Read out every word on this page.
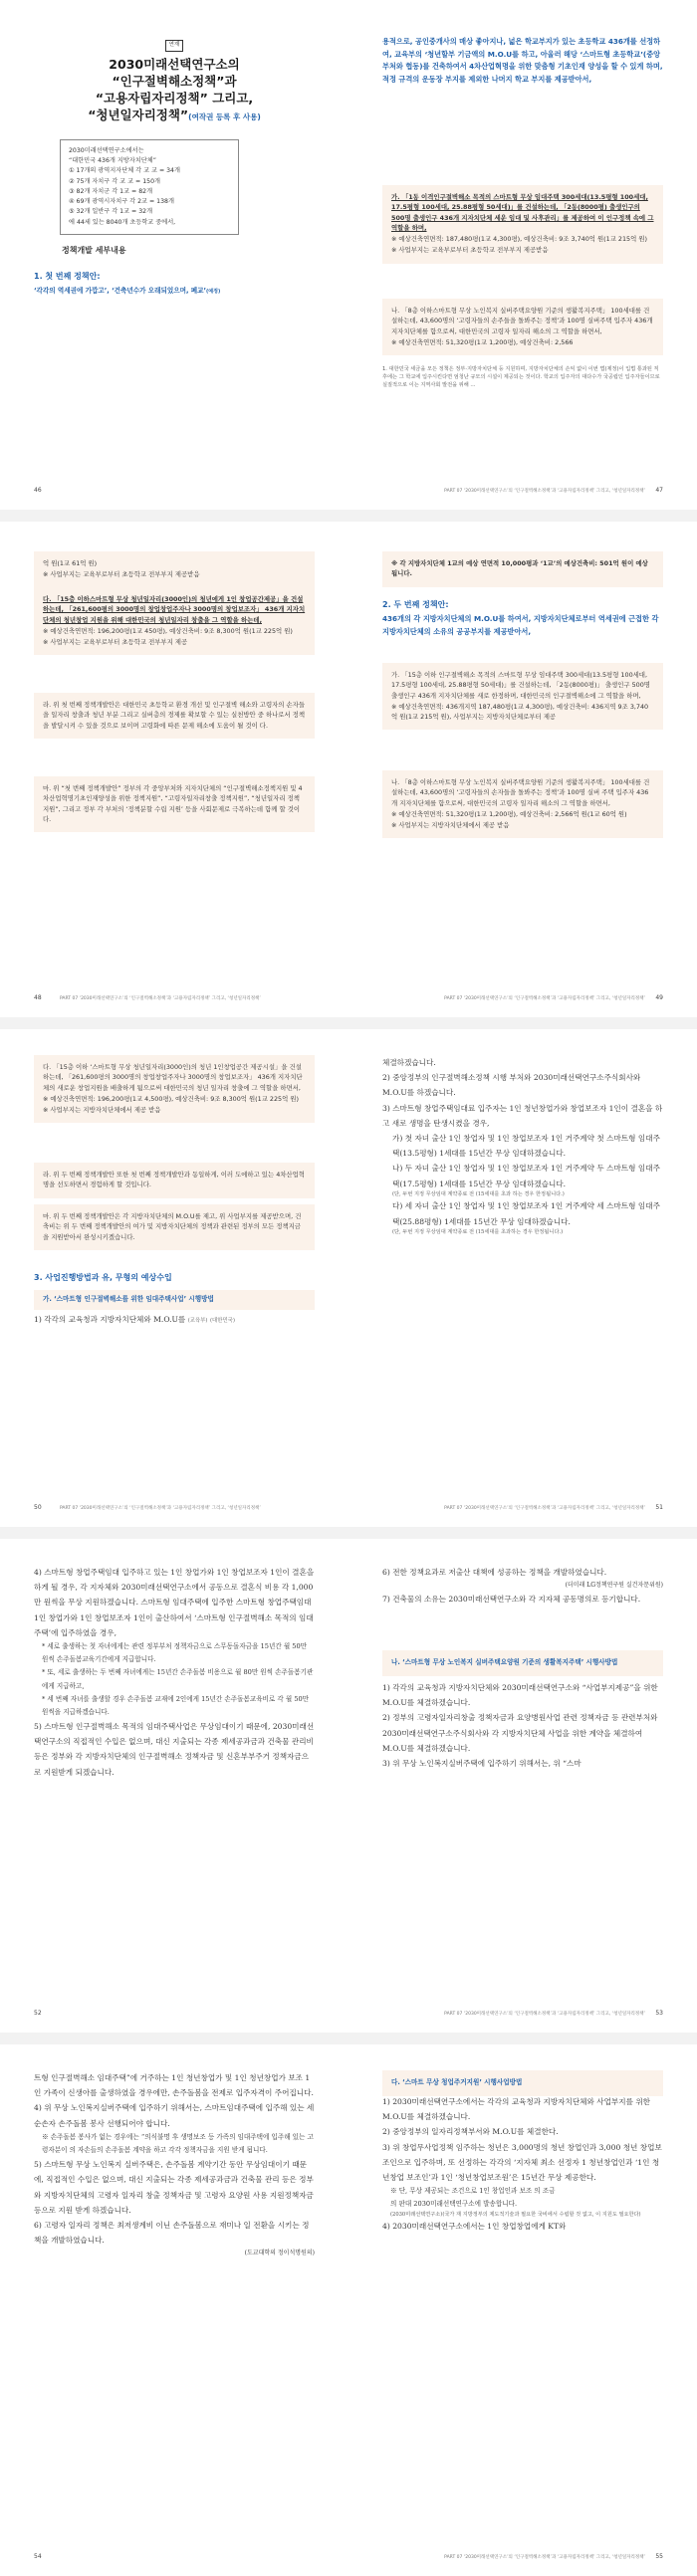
연재
2030미래선택연구소의
“인구절벽해소정책”과
“고용자립자리정책” 그리고,
“청년일자리정책”(여작권 등록 후 사용)
2030미래선택연구소에서는
“대한민국 436개 지방자치단체”
① 17개의 광역지자단체 각 교 교 = 34개
② 75개 자치구 각 교 교 = 150개
③ 82개 자치군 각 1교 = 82개
④ 69개 광역시자치구 각 2교 = 138개
⑤ 32개 일반구 각 1교 = 32개
에 44세 있는 8040개 초등학교 중에서,
정책개발 세부내용
1. 첫 번째 정책안:
‘각각의 역세권에 가깝고’, ‘건축년수가 오래되었으며, 폐교’(예정)
46
용적으로, 공인중개사의 매상 좋아지나, 넓은 학교부지가 있는 초등학교 436개를 선정하여, 교육부의 ‘청년할부 기금액의 M.O.U를 하고, 아울러 해당 ‘스마트형 초등학교’(중앙부처와 협동)를 건축하여서 4차산업혁명을 위한 맞춤형 기초인재 양성을 할 수 있게 하며, 적정 규격의 운동장 부지를 제외한 나머지 학교 부지를 제공받아서,

가. 「1동 이격인구절벽해소 목적의 스마트형 무상 임대주택 300세대(13.5평형 100세대, 17.5평형 100세대, 25.88평형 50세대)」를 건설하는데, 「2동(8000평) 출생인구의 500명 출생인구 436개 지자치단체 세운 임대 및 사후관리」를 제공하여 이 인구정책 속에 그 역할을 하며,

※ 예상건축연면적: 187,480평(1교 4,300평), 예상건축비: 9조 3,740억 원(1교 215억 원)

※ 사업부지는 교육부로부터 초등학교 전부부지 제공받음

나. 「8층 이하스마트형 무상 노인복지 실버주택요양원 기준의 생활복지주택」 100세대를 건설하는데, 43,600명의 ‘고령자들의 손주들을 돌봐주는 정책’과 100명 실버주택 입주자 436개 지자치단체를 함으로써, 대한민국의 고령자 일자리 해소의 그 역할을 하면서,

※ 예상건축연면적: 51,320평(1교 1,200평), 예상건축비: 2,566

1. 대한민국 세금을 모든 정책은 정부·지방자치단체 등 지원하며, 지방자치단체의 손익 없이 이번 법(제정)이 입법 통과된 직후에는 그 학교에 입주시킨다면 엄청난 규모의 시설이 제공되는 것이다. 학교의 입주자의 대다수가 국공립인 입주자들이므로 실질적으로 이는 지역사회 발전을 위해 ...
PART 07 ‘2030미래선택연구소’의 ‘인구절벽해소정책’과 ‘고용자립자리정책’ 그리고, ‘청년일자리정책’ 47

억 원(1교 61억 원)

※ 사업부지는 교육부로부터 초등학교 전부부지 제공받음

다. 「15층 이하스마트형 무상 청년일자리(3000인)의 청년에게 1인 창업공간제공」을 건설하는데, 「261,600평의 3000명의 창업창업주자나 3000명의 창업보조자」 436개 지자치단체의 청년창업 지원을 위해 대한민국의 청년일자리 창출을 그 역할을 하는데,

※ 예상건축연면적: 196,200평(1교 450평), 예상건축비: 9조 8,300억 원(1교 225억 원)

※ 사업부지는 교육부로부터 초등학교 전부부지 제공

라. 위 첫 번째 정책개발안은 대한민국 초등학교 환경 개선 및 인구절벽 해소와 고령자의 손자들을 일자리 창출과 청년 부분 그리고 실버층의 경제를 확보할 수 있는 실천방안 중 하나로서 정책을 발달시켜 수 있을 것으로 보이며 고령화에 따른 문제 해소에 도움이 될 것이 다.

마. 위 “첫 번째 정책개발안” 정부의 각 중앙부처와 지자치단체의 “인구절벽해소정책지원 및 4차산업혁명기초인재양성을 위한 정책지원”, “고령자일자리창출 정책지원”, “청년일자리 정책지원”, 그리고 정부 각 부처의 ‘정책분할 수립 지원’ 등을 사회문제로 극복하는데 함께 할 것이다.

PART 07 ‘2030미래선택연구소’의 ‘인구절벽해소정책’과 ‘고용자립자리정책’ 그리고, ‘청년일자리정책’
48

※ 각 지방자치단체 1교의 예상 연면적 10,000평과 ‘1교’의 예상건축비: 501억 원이 예상됩니다.

2. 두 번째 정책안:
436개의 각 지방자치단체의 M.O.U를 하여서, 지방자치단체로부터 역세권에 근접한 각 지방자치단체의 소유의 공공부지를 제공받아서,

가. 「15층 이하 인구절벽해소 목적의 스마트형 무상 임대주택 300세대(13.5평형 100세대, 17.5평형 100세대, 25.88평형 50세대)」를 건설하는데, 「2동(8000평)」 출생인구 500명 출생인구 436개 지자치단체를 새로 한정하며, 대한민국의 인구절벽해소에 그 역할을 하며,

※ 예상건축연면적: 436개지역 187,480평(1교 4,300평), 예상건축비: 436지역 9조 3,740억 원(1교 215억 원), 사업부지는 지방자치단체로부터 제공

나. 「8층 이하스마트형 무상 노인복지 실버주택요양원 기준의 생활복지주택」 100세대를 건설하는데, 43,600명의 ‘고령자들의 손자들을 돌봐주는 정책’과 100명 실버 주택 입주자 436개 지자치단체를 함으로써, 대한민국의 고령자 일자리 해소의 그 역할을 하면서,

※ 예상건축연면적: 51,320평(1교 1,200평), 예상건축비: 2,566억 원(1교 60억 원)

※ 사업부지는 지방자치단체에서 제공 받음

PART 07 ‘2030미래선택연구소’의 ‘인구절벽해소정책’과 ‘고용자립자리정책’ 그리고, ‘청년일자리정책’ 49

다. 「15층 이하 ‘스마트형 무상 청년일자리(3000인)의 청년 1인창업공간 제공시설」을 건설하는데, 「261,600평의 3000명의 창업창업주자나 3000명의 창업보조자」 436개 지자치단체의 새로운 창업지원을 배출하게 됨으로써 대한민국의 청년 일자리 창출에 그 역할을 하면서,

※ 예상건축연면적: 196,200평(1교 4,500평), 예상건축비: 9조 8,300억 원(1교 225억 원)

※ 사업부지는 지방자치단체에서 제공 받음

라. 위 두 번째 정책개발안 또한 첫 번째 정책개발안과 동일하게, 이러 도에하고 있는 4차산업혁명을 선도하면서 경험하게 할 것입니다.

마. 위 두 번째 정책개발안은 각 지방자치단체의 M.O.U를 제고, 위 사업부지를 제공받으며, 건축비는 위 두 번째 정책개발안의 여가 및 지방자치단체의 정책과 관련된 정부의 모든 정책지금을 지원받아서 완성시키겠습니다.

3. 사업진행방법과 유, 무형의 예상수입

가. ‘스마트형 인구절벽해소를 위한 임대주택사업’ 시행방법

1) 각각의 교육청과 지방자치단체와 M.O.U를 (교육부) (대한민국)
PART 07 ‘2030미래선택연구소’의 ‘인구절벽해소정책’과 ‘고용자립자리정책’ 그리고, ‘청년일자리정책’
50

체결하겠습니다.

2) 중앙정부의 인구절벽해소정책 시행 부처와 2030미래선택연구소주식회사와 M.O.U를 하겠습니다.

3) 스마트형 창업주택임대료 입주자는 1인 청년창업가와 창업보조자 1인이 결혼을 하고 새로 생명을 탄생시켰을 경우,

가) 첫 자녀 출산 1인 창업자 및 1인 창업보조자 1인 거주계약 첫 스마트형 임대주택(13.5평형) 1세대를 15년간 무상 임대하겠습니다.

나) 두 자녀 출산 1인 창업자 및 1인 창업보조자 1인 거주계약 두 스마트형 임대주택(17.5평형) 1세대를 15년간 무상 임대하겠습니다.

(단, 두번 지정 무상임대 계약종료 전 (15세대를 초과 하는 경우 한정됩니다.)

다) 세 자녀 출산 1인 창업자 및 1인 창업보조자 1인 거주계약 세 스마트형 임대주택(25.88평형) 1세대를 15년간 무상 임대하겠습니다.

(단, 두번 지정 무상임대 계약종료 전 (15세대를 초과하는 경우 한정됩니다.)

PART 07 ‘2030미래선택연구소’의 ‘인구절벽해소정책’과 ‘고용자립자리정책’ 그리고, ‘청년일자리정책’ 51

4) 스마트형 창업주택임대 입주하고 있는 1인 창업가와 1인 창업보조자 1인이 결혼을 하게 될 경우, 각 지자체와 2030미래선택연구소에서 공동으로 결혼식 비용 각 1,000만 원씩을 무상 지원하겠습니다. 스마트형 임대주택에 입주한 스마트형 창업주택임대 1인 창업가와 1인 창업보조자 1인이 출산하여서 ‘스마트형 인구절벽해소 목적의 임대주택’에 입주하였을 경우,

* 세로 출생하는 첫 자녀에게는 관련 정부부처 정책자금으로 스무동돌자금을 15년간 월 50만 원씩 손주돌봄교육기간에게 지급합니다.

* 또, 세로 출생하는 두 번째 자녀에게는 15년간 손주돌봄 비용으로 월 80만 원씩 손주돌봄기관에게 지급하고,

* 세 번째 자녀를 출생할 경우 손주돌봄 교재에 2인에게 15년간 손주돌봄교육비로 각 월 50만 원씩을 지급하겠습니다.

5) 스마트형 인구절벽해소 목적의 임대주택사업은 무상임대이기 때문에, 2030미래선택연구소의 직접적인 수입은 없으며, 대신 지출되는 각종 제세공과금과 건축물 관리비 등은 정부와 각 지방자치단체의 인구절벽해소 정책자금 및 신혼부부주거 정책자금으로 지원받게 되겠습니다.

52

6) 전한 정책요과로 저출산 대책에 성공하는 정책을 개발하였습니다.

(더미래 LG정책연구원 실건자문위원)

7) 건축물의 소유는 2030미래선택연구소와 각 지자체 공동명의로 등기합니다.

나. ‘스마트형 무상 노인복지 실버주택요양원 기준의 생활복지주택’ 시행사방법

1) 각각의 교육청과 지방자치단체와 2030미래선택연구소와 “사업부지제공”을 위한 M.O.U를 체결하겠습니다.

2) 정부의 고령자일자리창출 정책자금과 요양병원사업 관련 정책자금 등 관련부처와 2030미래선택연구소주식회사와 각 지방자치단체 사업을 위한 계약을 체결하여 M.O.U를 체결하겠습니다.

3) 위 무상 노인복지실버주택에 입주하기 위해서는, 위 “스마

PART 07 ‘2030미래선택연구소’의 ‘인구절벽해소정책’과 ‘고용자립자리정책’ 그리고, ‘청년일자리정책’ 53

트형 인구절벽해소 임대주택”에 거주하는 1인 청년창업가 및 1인 청년창업가 보조 1인 가족이 신생아를 출생하였을 경우에만, 손주돌봄을 전제로 입주자격이 주어집니다.

4) 위 무상 노인복지실버주택에 입주하기 위해서는, 스마트임대주택에 입주해 있는 세순손자 손주돌봄 봉사 선행되어야 합니다.

※ 손주돌봄 봉사가 없는 경우에는 “의식불명 후 생명보조 등 가족의 임대주택에 입주해 있는 고령자분이 의 자손들의 손주돌봄 계약을 하고 각각 정책자금을 지원 받게 됩니다.

5) 스마트형 무상 노인복지 실버주택은, 손주돌봄 계약기간 동안 무상임대이기 때문에, 직접적인 수입은 없으며, 대신 지출되는 각종 제세공과금과 건축물 관리 등은 정부와 지방자치단체의 고령자 일자리 창출 정책자금 및 고령자 요양원 사용 지원정책자금 등으로 지원 받게 하겠습니다.

6) 고령자 일자리 정책은 최저생계비 이닌 손주돌봄으로 재미나 일 전환을 시키는 정책을 개발하였습니다.

(도교대학의 정이석명원의)

54

다. ‘스마트 무상 청업주거지원’ 시행사업방법

1) 2030미래선택연구소에서는 각각의 교육청과 지방자치단체와 사업부지를 위한 M.O.U를 체결하겠습니다.

2) 중앙정부의 일자리정책부서와 M.O.U를 체결한다.

3) 위 창업무사업정책 임주하는 청년은 3,000명의 청년 창업인과 3,000 청년 창업보조인으로 입주하며, 또 선정하는 각각의 ‘지자체 최소 선정자 1 청년창업인과 ‘1인 청년창업 보조인’과 1인 ‘청년창업보조원’은 15년간 무상 제공한다.

※ 단, 무상 제공되는 조건으로 1인 창업인과 보조 의 조금

의 판대 2030미래선택연구소에 발송합니다.

(2030미래선택연구소)(국가 재 지방정부의 제도적기술과 필요한 국비에서 수립할 것 없고, 이 지원도 필요한다)

4) 2030미래선택연구소에서는 1인 창업창업에게 KT와

PART 07 ‘2030미래선택연구소’의 ‘인구절벽해소정책’과 ‘고용자립자리정책’ 그리고, ‘청년일자리정책’ 55
